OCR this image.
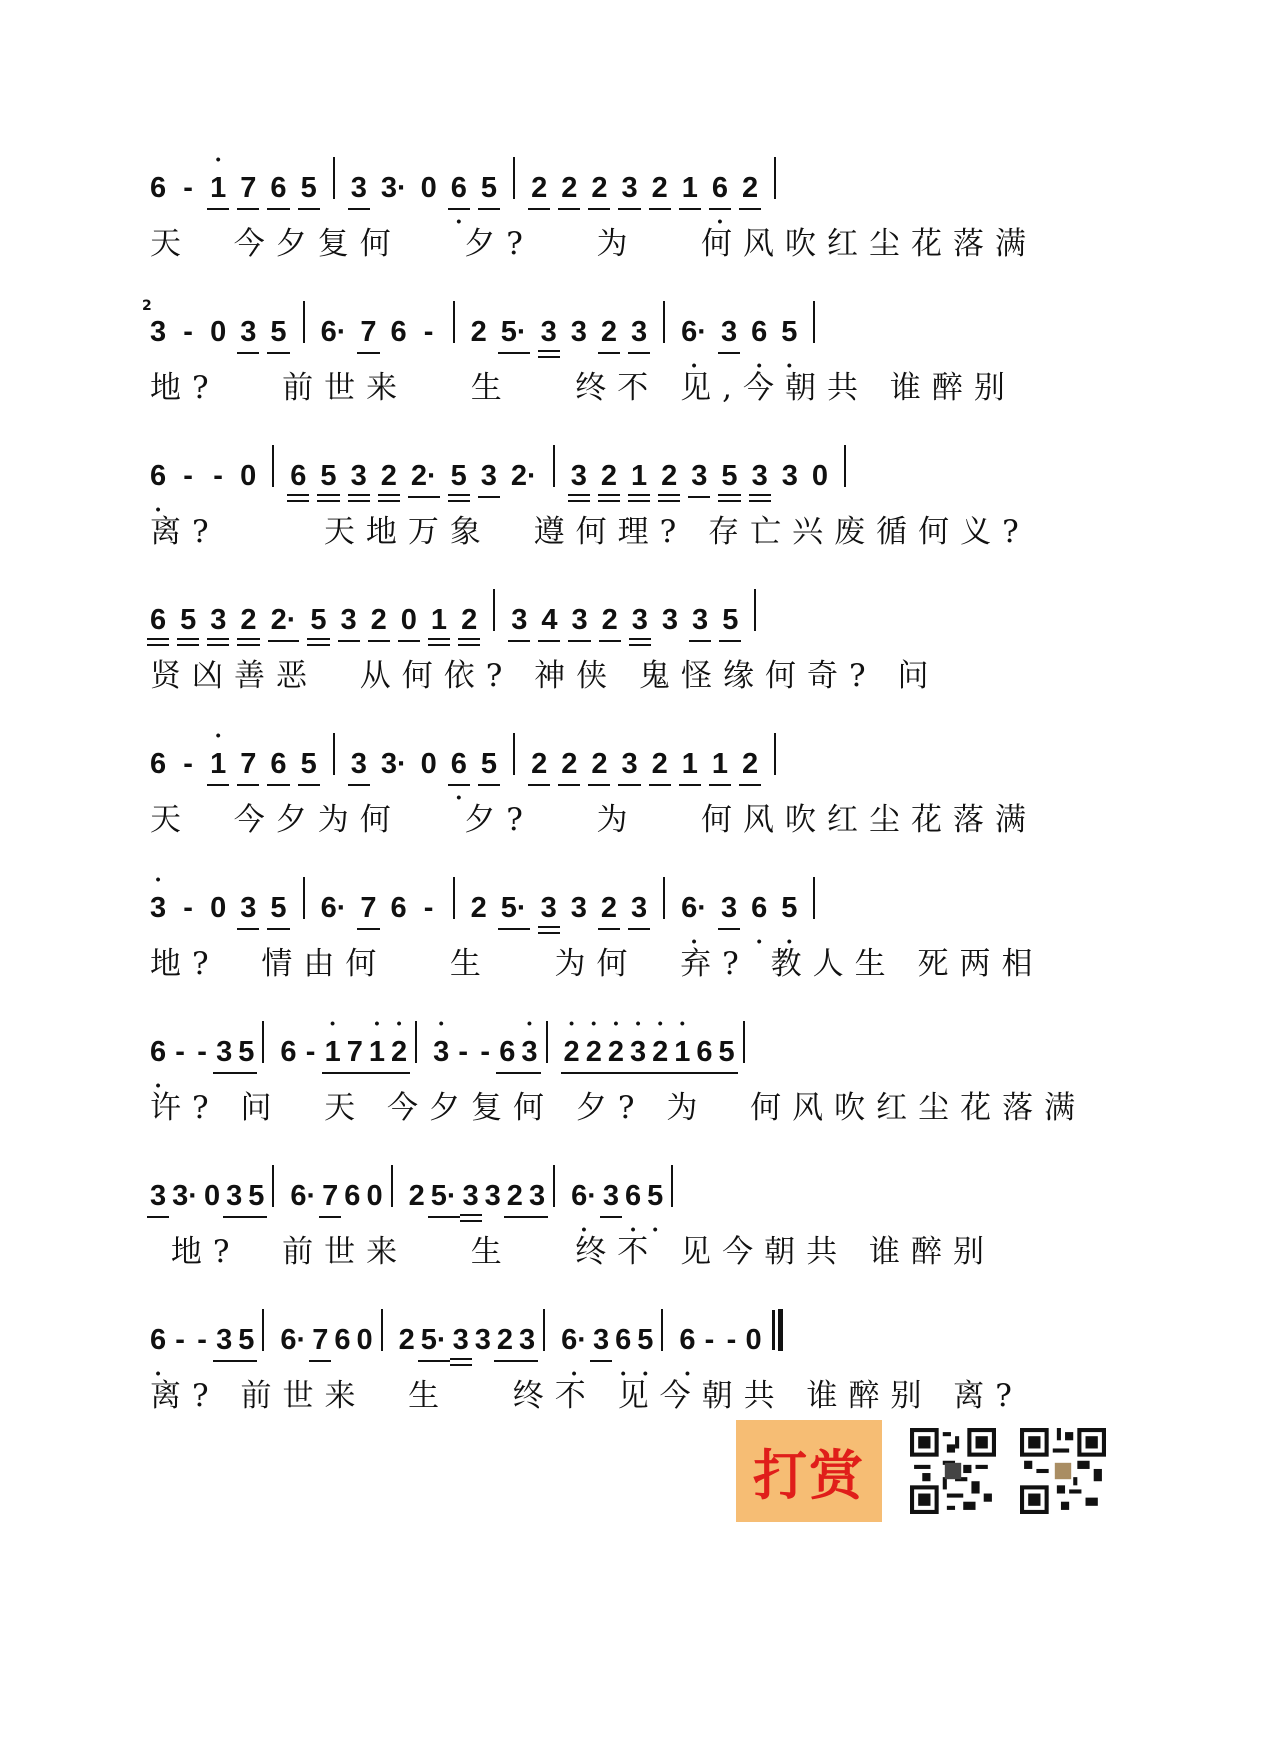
6 - • 1 7 6 5 3 3· 0 • 6 5 2 2 2 3 2 1 • 6 2
天  今夕复何   夕?   为   何风吹红尘花落满
2
3 - 0 3 5 6· 7 6 - 2 5· 3 3 2 3 • 6· 3 • 6 • 5
地?   前世来   生   终不 见,今朝共 谁醉别
• 6 - - 0 6 5 3 2 2· 5 3 2· 3 2 1 2 3 5 3 3 0
离?     天地万象  遵何理? 存亡兴废循何义?
6 5 3 2 2· 5 3 2 0 1 2 3 4 3 2 3 3 3 5
贤凶善恶  从何依? 神侠 鬼怪缘何奇? 问
6 - • 1 7 6 5 3 3· 0 • 6 5 2 2 2 3 2 1 1 2
天  今夕为何   夕?   为   何风吹红尘花落满
• 3 - 0 3 5 6· 7 6 - 2 5· 3 3 2 3 • 6· 3 • 6 • 5
地?  情由何   生   为何  弃? 教人生 死两相
• 6 - - 3 5 6 - • 1 7 • 1 • 2 • 3 - - 6 • 3 • 2 • 2 • 2 • 3 • 2 • 1 6 5
许? 问  天 今夕复何 夕? 为  何风吹红尘花落满
3 3· 0 3 5 6· 7 6 0 2 5· 3 3 2 3 • 6· 3 • 6 • 5
地?  前世来   生   终不 见今朝共 谁醉别
• 6 - - 3 5 6· 7 6 0 2 5· 3 3 2 3 • 6· 3 • 6 • 5 • 6 - - 0
离? 前世来  生   终不 见今朝共 谁醉别 离?
打赏
